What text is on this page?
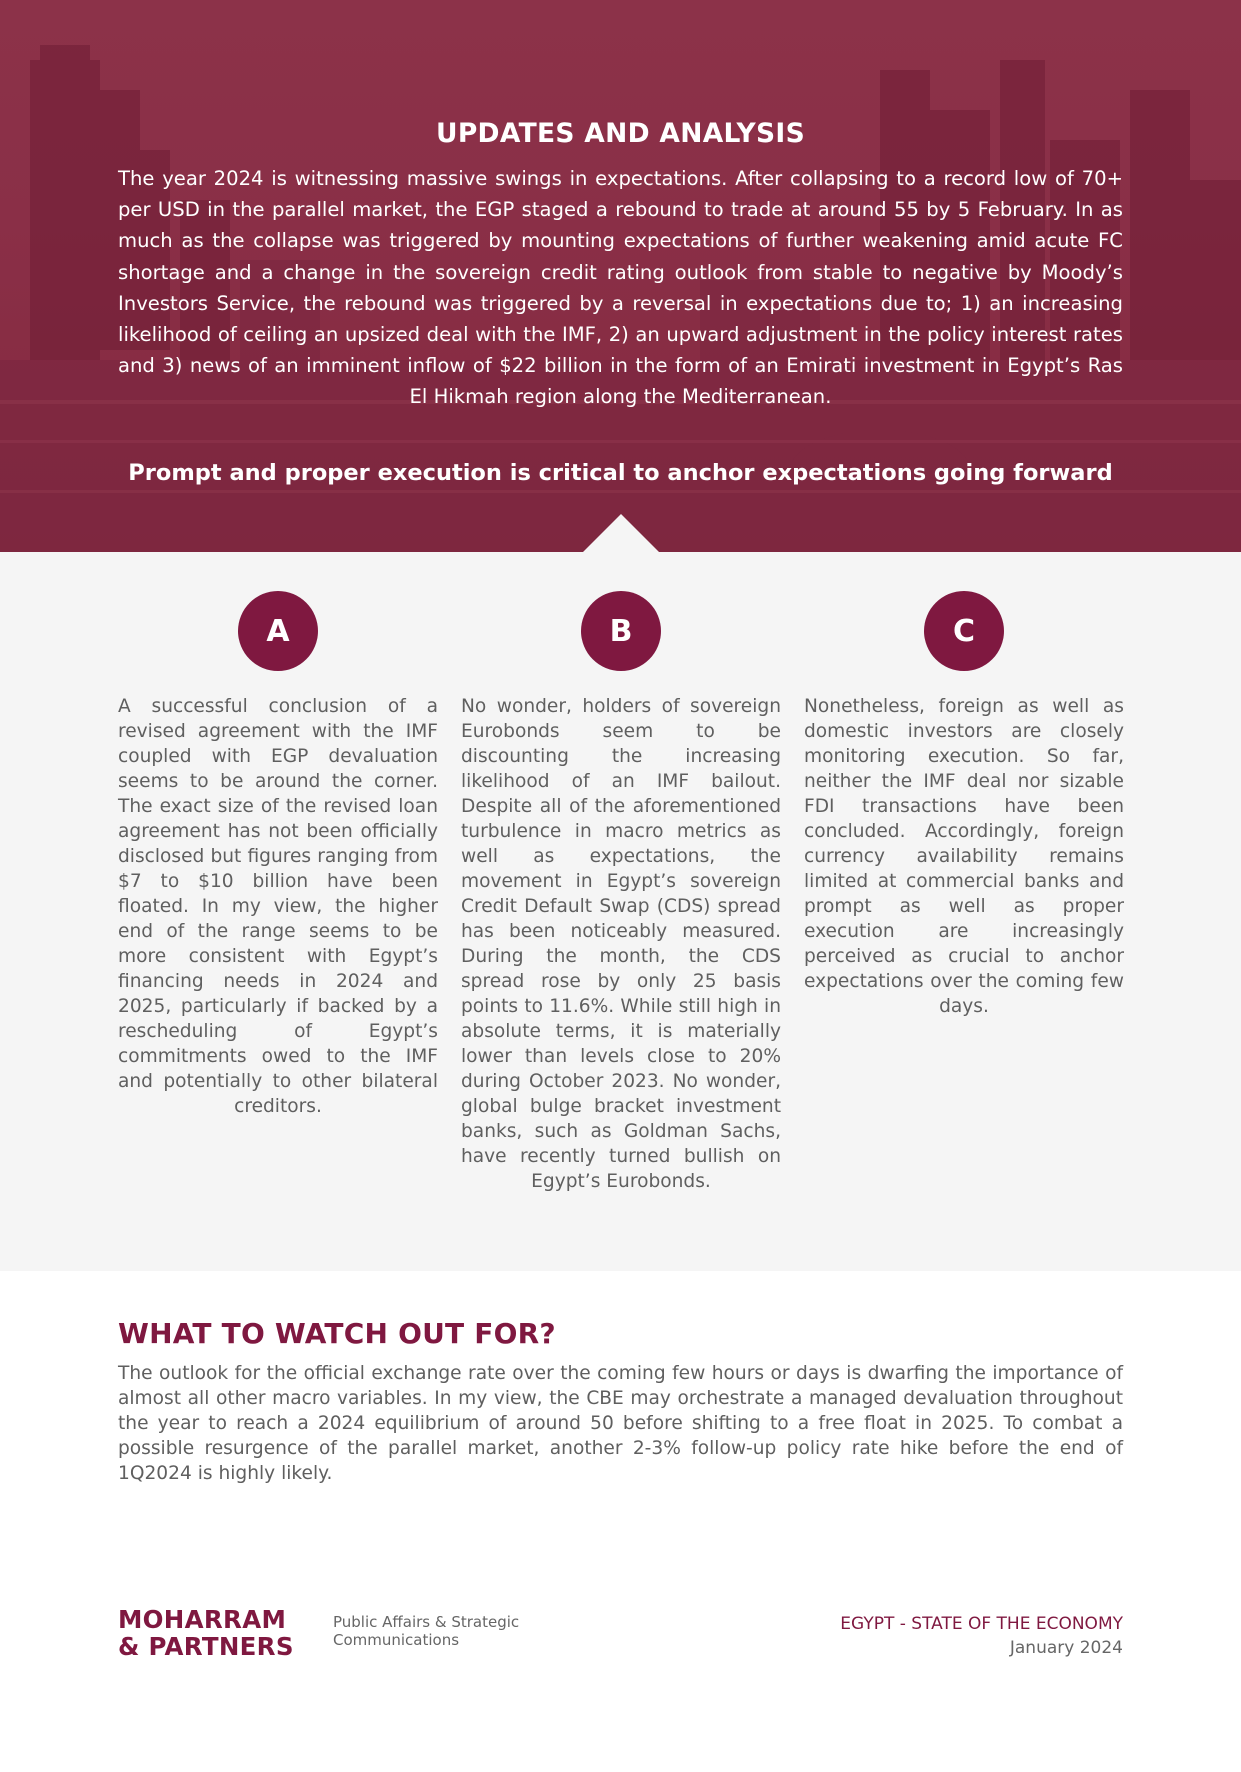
UPDATES AND ANALYSIS

The year 2024 is witnessing massive swings in expectations. After collapsing to a record low of 70+ per USD in the parallel market, the EGP staged a rebound to trade at around 55 by 5 February. In as much as the collapse was triggered by mounting expectations of further weakening amid acute FC shortage and a change in the sovereign credit rating outlook from stable to negative by Moody’s Investors Service, the rebound was triggered by a reversal in expectations due to; 1) an increasing likelihood of ceiling an upsized deal with the IMF, 2) an upward adjustment in the policy interest rates and 3) news of an imminent inflow of $22 billion in the form of an Emirati investment in Egypt’s Ras El Hikmah region along the Mediterranean.

Prompt and proper execution is critical to anchor expectations going forward

A

A successful conclusion of a revised agreement with the IMF coupled with EGP devaluation seems to be around the corner. The exact size of the revised loan agreement has not been officially disclosed but figures ranging from $7 to $10 billion have been floated. In my view, the higher end of the range seems to be more consistent with Egypt’s financing needs in 2024 and 2025, particularly if backed by a rescheduling of Egypt’s commitments owed to the IMF and potentially to other bilateral creditors.

B

No wonder, holders of sovereign Eurobonds seem to be discounting the increasing likelihood of an IMF bailout. Despite all of the aforementioned turbulence in macro metrics as well as expectations, the movement in Egypt’s sovereign Credit Default Swap (CDS) spread has been noticeably measured. During the month, the CDS spread rose by only 25 basis points to 11.6%. While still high in absolute terms, it is materially lower than levels close to 20% during October 2023. No wonder, global bulge bracket investment banks, such as Goldman Sachs, have recently turned bullish on Egypt’s Eurobonds.

C

Nonetheless, foreign as well as domestic investors are closely monitoring execution. So far, neither the IMF deal nor sizable FDI transactions have been concluded. Accordingly, foreign currency availability remains limited at commercial banks and prompt as well as proper execution are increasingly perceived as crucial to anchor expectations over the coming few days.

WHAT TO WATCH OUT FOR?

The outlook for the official exchange rate over the coming few hours or days is dwarfing the importance of almost all other macro variables. In my view, the CBE may orchestrate a managed devaluation throughout the year to reach a 2024 equilibrium of around 50 before shifting to a free float in 2025. To combat a possible resurgence of the parallel market, another 2-3% follow-up policy rate hike before the end of 1Q2024 is highly likely.

MOHARRAM
& PARTNERS
Public Affairs & Strategic
Communications
EGYPT - STATE OF THE ECONOMY
January 2024
